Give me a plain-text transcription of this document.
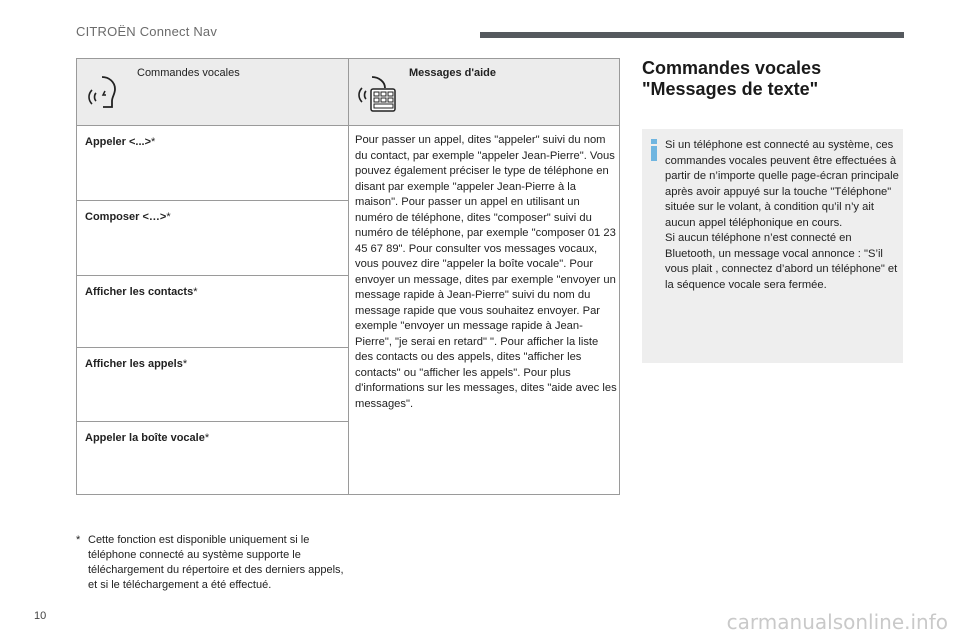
CITROËN Connect Nav
Commandes vocales	Messages d'aide
Appeler <...>*
Composer <…>*
Afficher les contacts*
Afficher les appels*
Appeler la boîte vocale*
Pour passer un appel, dites "appeler" suivi du nom du contact, par exemple "appeler Jean-Pierre". Vous pouvez également préciser le type de téléphone en disant par exemple "appeler Jean-Pierre à la maison". Pour passer un appel en utilisant un numéro de téléphone, dites "composer" suivi du numéro de téléphone, par exemple "composer 01 23 45 67 89". Pour consulter vos messages vocaux, vous pouvez dire "appeler la boîte vocale". Pour envoyer un message, dites par exemple "envoyer un message rapide à Jean-Pierre" suivi du nom du message rapide que vous souhaitez envoyer. Par exemple "envoyer un message rapide à Jean-Pierre", "je serai en retard" ". Pour afficher la liste des contacts ou des appels, dites "afficher les contacts" ou "afficher les appels". Pour plus d'informations sur les messages, dites "aide avec les messages".
* Cette fonction est disponible uniquement si le téléphone connecté au système supporte le téléchargement du répertoire et des derniers appels, et si le téléchargement a été effectué.
Commandes vocales
"Messages de texte"
Si un téléphone est connecté au système, ces commandes vocales peuvent être effectuées à partir de n’importe quelle page-écran principale après avoir appuyé sur la touche "Téléphone" située sur le volant, à condition qu’il n’y ait aucun appel téléphonique en cours.
Si aucun téléphone n’est connecté en Bluetooth, un message vocal annonce : "S’il vous plait , connectez d’abord un téléphone" et la séquence vocale sera fermée.
10	carmanualsonline.info
